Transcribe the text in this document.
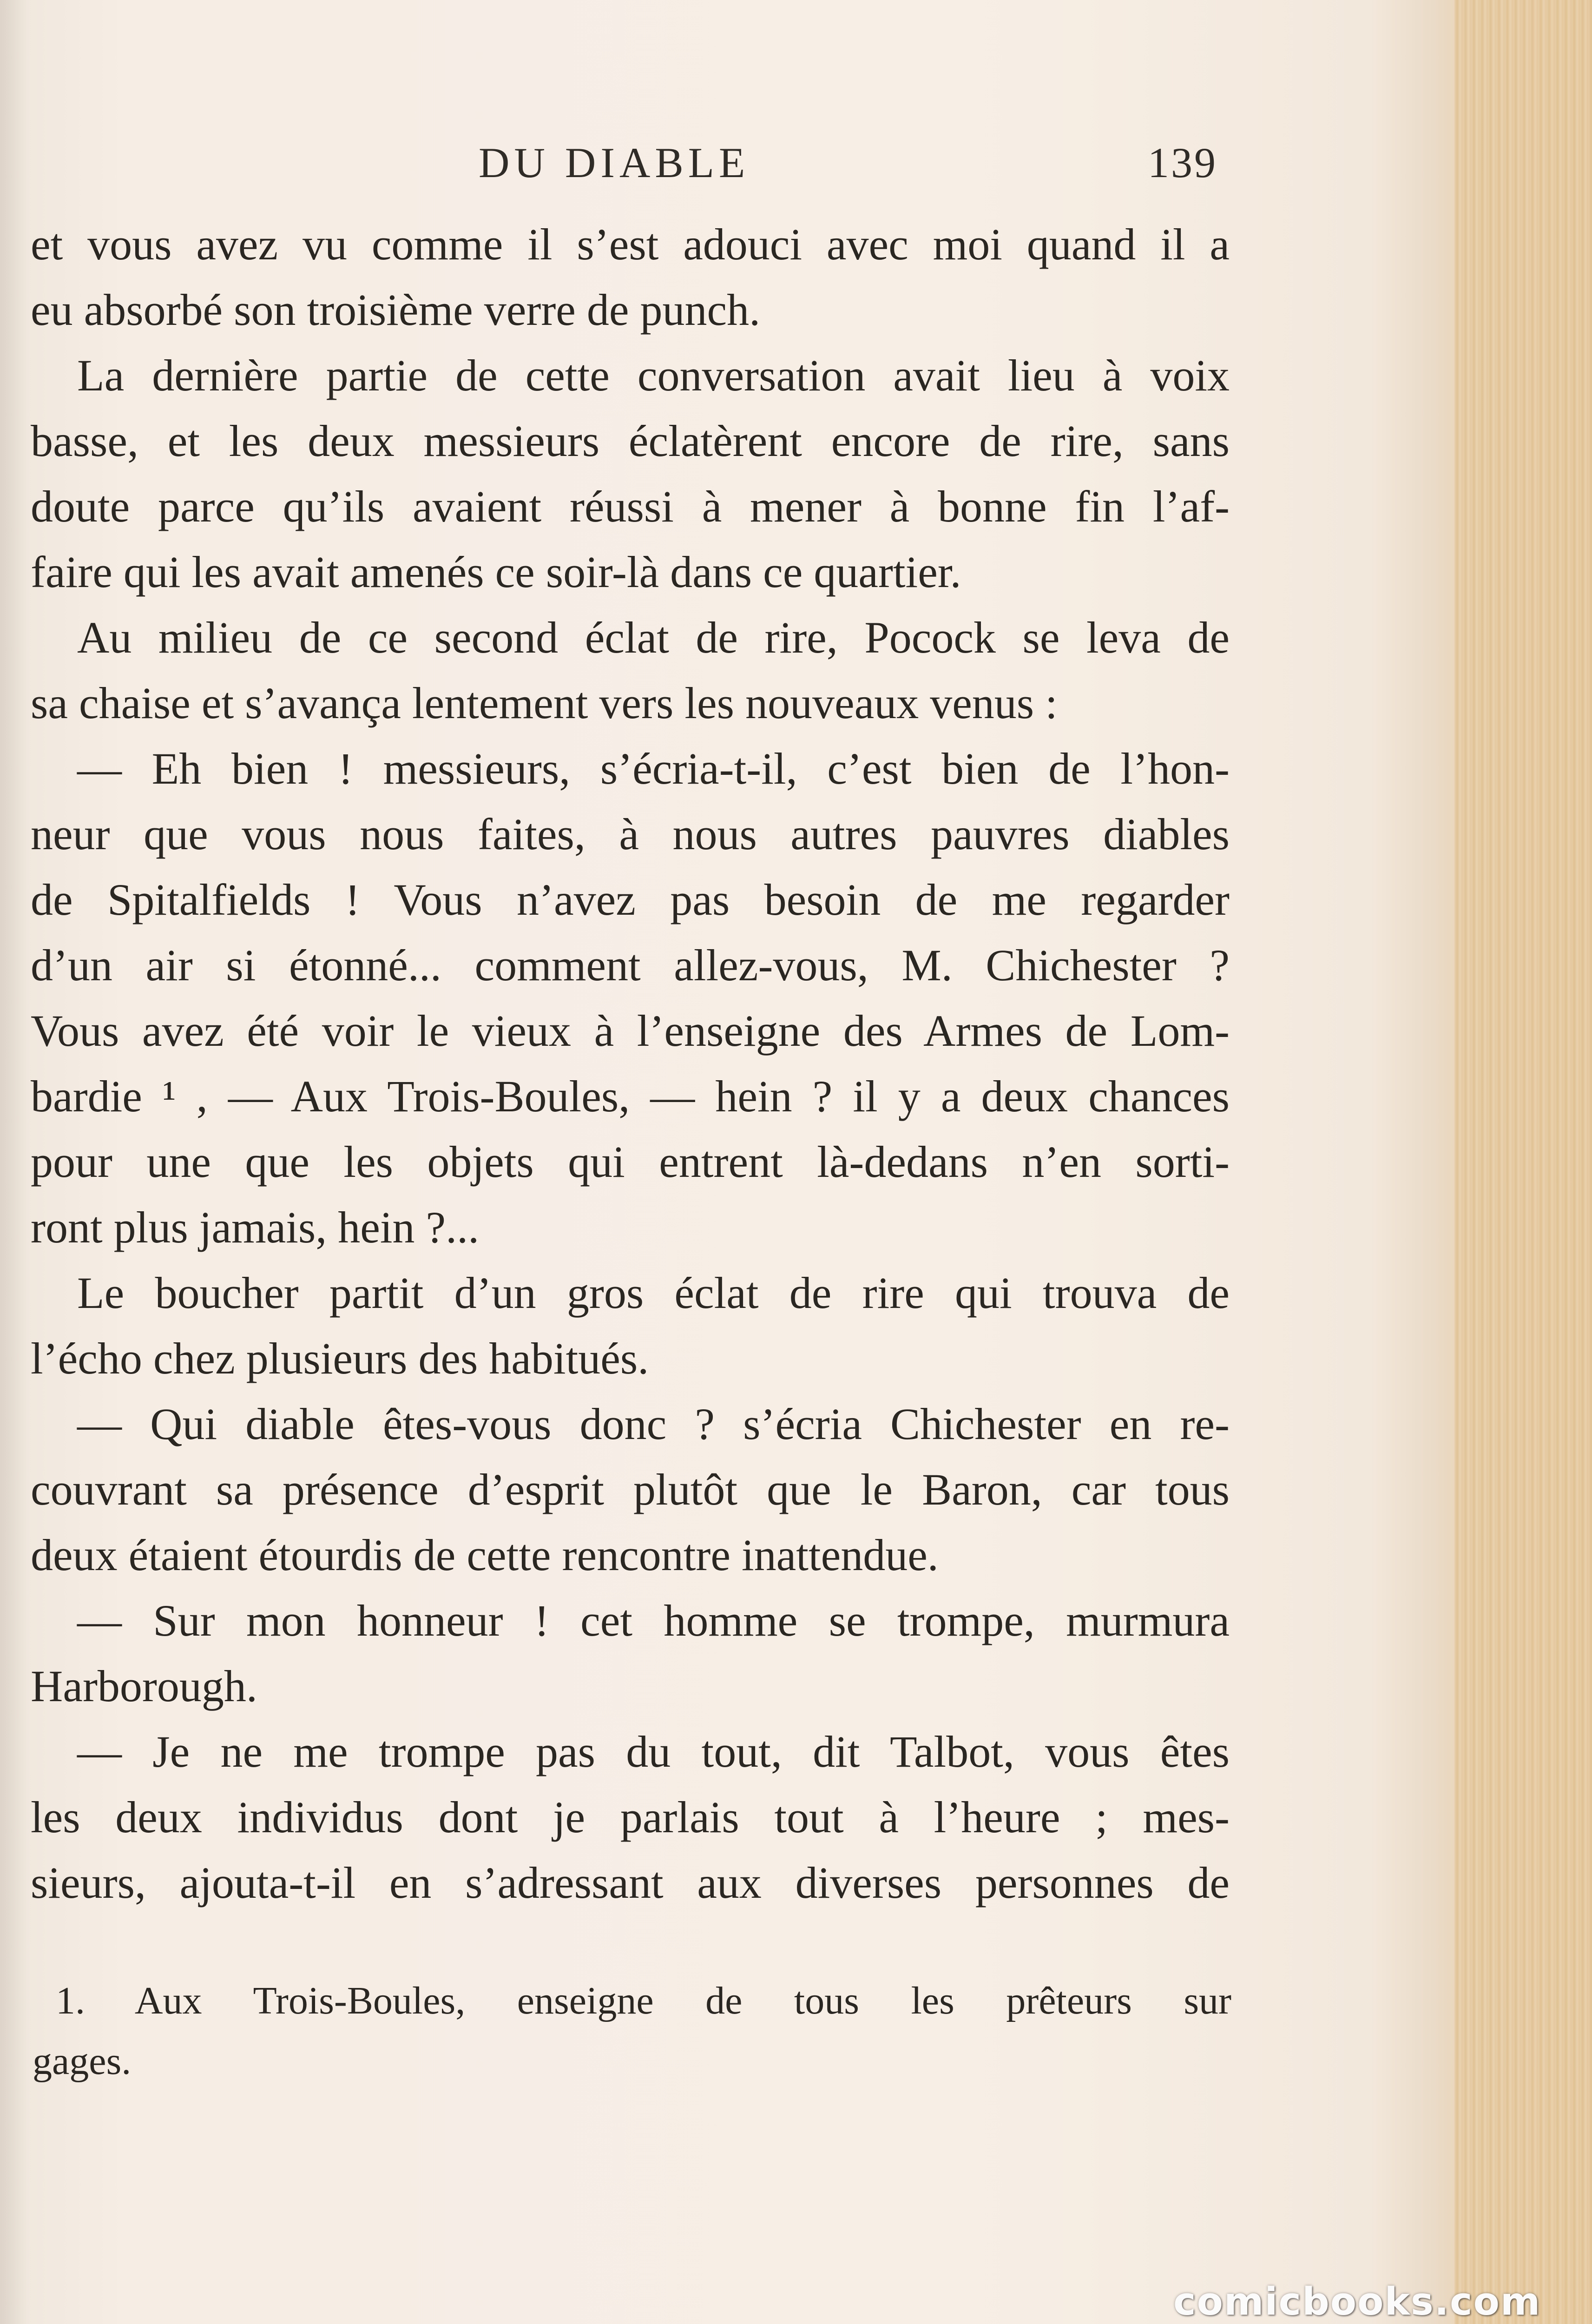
DU DIABLE	139
et vous avez vu comme il s’est adouci avec moi quand il a
eu absorbé son troisième verre de punch.
La dernière partie de cette conversation avait lieu à voix
basse, et les deux messieurs éclatèrent encore de rire, sans
doute parce qu’ils avaient réussi à mener à bonne fin l’af-
faire qui les avait amenés ce soir-là dans ce quartier.
Au milieu de ce second éclat de rire, Pocock se leva de
sa chaise et s’avança lentement vers les nouveaux venus :
— Eh bien ! messieurs, s’écria-t-il, c’est bien de l’hon-
neur que vous nous faites, à nous autres pauvres diables
de Spitalfields ! Vous n’avez pas besoin de me regarder
d’un air si étonné... comment allez-vous, M. Chichester ?
Vous avez été voir le vieux à l’enseigne des Armes de Lom-
bardie ¹ , — Aux Trois-Boules, — hein ? il y a deux chances
pour une que les objets qui entrent là-dedans n’en sorti-
ront plus jamais, hein ?...
Le boucher partit d’un gros éclat de rire qui trouva de
l’écho chez plusieurs des habitués.
— Qui diable êtes-vous donc ? s’écria Chichester en re-
couvrant sa présence d’esprit plutôt que le Baron, car tous
deux étaient étourdis de cette rencontre inattendue.
— Sur mon honneur ! cet homme se trompe, murmura
Harborough.
— Je ne me trompe pas du tout, dit Talbot, vous êtes
les deux individus dont je parlais tout à l’heure ; mes-
sieurs, ajouta-t-il en s’adressant aux diverses personnes de
1. Aux Trois-Boules, enseigne de tous les prêteurs sur
gages.
comicbooks.com
